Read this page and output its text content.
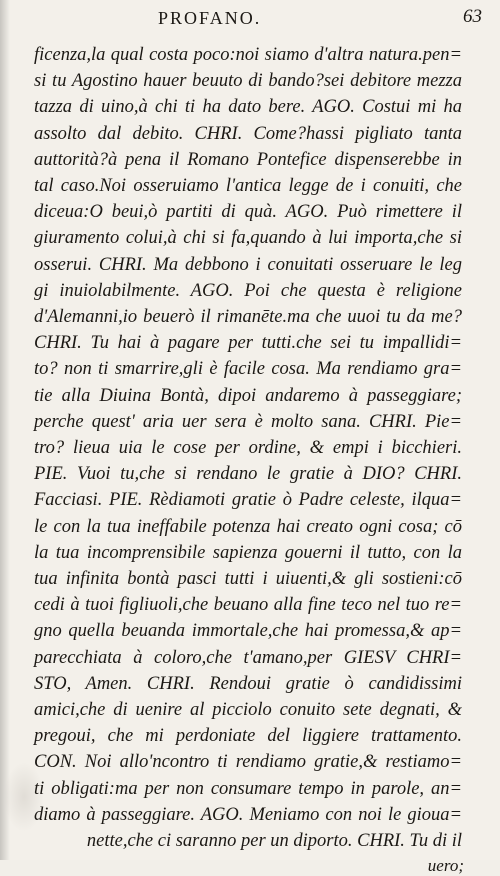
PROFANO.	63
ficenza,la qual costa poco:noi siamo d'altra natura.pen=
si tu Agostino hauer beuuto di bando?sei debitore mezza
tazza di uino,à chi ti ha dato bere. AGO. Costui mi ha
assolto dal debito. CHRI. Come?hassi pigliato tanta
auttorità?à pena il Romano Pontefice dispenserebbe in
tal caso.Noi osseruiamo l'antica legge de i conuiti, che
diceua:O beui,ò partiti di quà. AGO. Può rimettere il
giuramento colui,à chi si fa,quando à lui importa,che si
osserui. CHRI. Ma debbono i conuitati osseruare le leg
gi inuiolabilmente. AGO. Poi che questa è religione
d'Alemanni,io beuerò il rimanēte.ma che uuoi tu da me?
CHRI. Tu hai à pagare per tutti.che sei tu impallidi=
to? non ti smarrire,gli è facile cosa. Ma rendiamo gra=
tie alla Diuina Bontà, dipoi andaremo à passeggiare;
perche quest' aria uer sera è molto sana. CHRI. Pie=
tro? lieua uia le cose per ordine, & empi i bicchieri.
PIE. Vuoi tu,che si rendano le gratie à DIO? CHRI.
Facciasi. PIE. Rèdiamoti gratie ò Padre celeste, ilqua=
le con la tua ineffabile potenza hai creato ogni cosa; cō
la tua incomprensibile sapienza gouerni il tutto, con la
tua infinita bontà pasci tutti i uiuenti,& gli sostieni:cō
cedi à tuoi figliuoli,che beuano alla fine teco nel tuo re=
gno quella beuanda immortale,che hai promessa,& ap=
parecchiata à coloro,che t'amano,per GIESV CHRI=
STO, Amen. CHRI. Rendoui gratie ò candidissimi
amici,che di uenire al picciolo conuito sete degnati, &
pregoui, che mi perdoniate del liggiere trattamento.
CON. Noi allo'ncontro ti rendiamo gratie,& restiamo=
ti obligati:ma per non consumare tempo in parole, an=
diamo à passeggiare. AGO. Meniamo con noi le gioua=
nette,che ci saranno per un diporto. CHRI. Tu di il
uero;
